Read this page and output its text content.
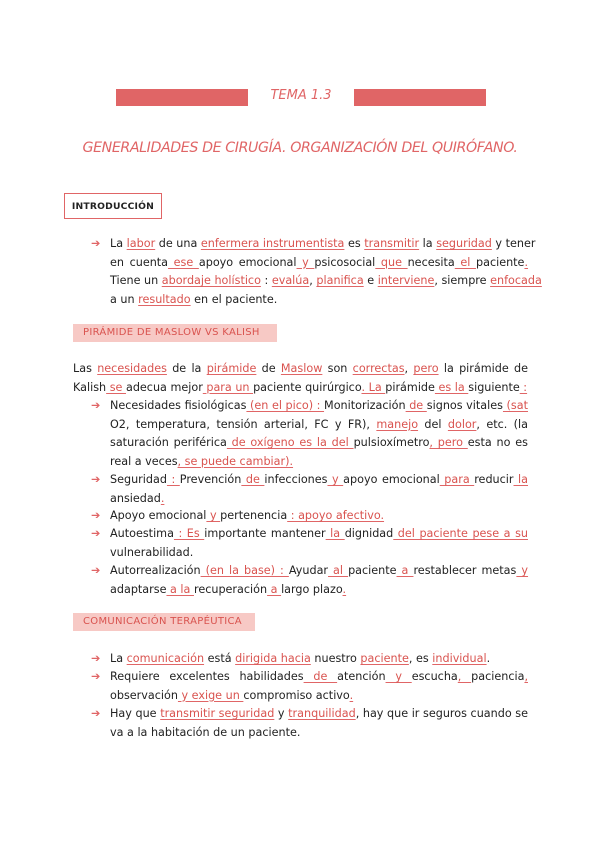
TEMA 1.3
GENERALIDADES DE CIRUGÍA. ORGANIZACIÓN DEL QUIRÓFANO.
INTRODUCCIÓN
➔ La labor de una enfermera instrumentista es transmitir la seguridad y tener
en cuenta ese apoyo emocional y psicosocial que necesita el paciente.
Tiene un abordaje holístico : evalúa, planifica e interviene, siempre enfocada
a un resultado en el paciente.
PIRÁMIDE DE MASLOW VS KALISH
Las necesidades de la pirámide de Maslow son correctas, pero la pirámide de
Kalish se adecua mejor para un paciente quirúrgico. La pirámide es la siguiente :
➔ Necesidades fisiológicas (en el pico) : Monitorización de signos vitales (sat
O2, temperatura, tensión arterial, FC y FR), manejo del dolor, etc. (la
saturación periférica de oxígeno es la del pulsioxímetro, pero esta no es
real a veces, se puede cambiar).
➔ Seguridad : Prevención de infecciones y apoyo emocional para reducir la
ansiedad.
➔ Apoyo emocional y pertenencia : apoyo afectivo.
➔ Autoestima : Es importante mantener la dignidad del paciente pese a su
vulnerabilidad.
➔ Autorrealización (en la base) : Ayudar al paciente a restablecer metas y
adaptarse a la recuperación a largo plazo.
COMUNICACIÓN TERAPÉUTICA
➔ La comunicación está dirigida hacia nuestro paciente, es individual.
➔ Requiere excelentes habilidades de atención y escucha, paciencia,
observación y exige un compromiso activo.
➔ Hay que transmitir seguridad y tranquilidad, hay que ir seguros cuando se
va a la habitación de un paciente.
